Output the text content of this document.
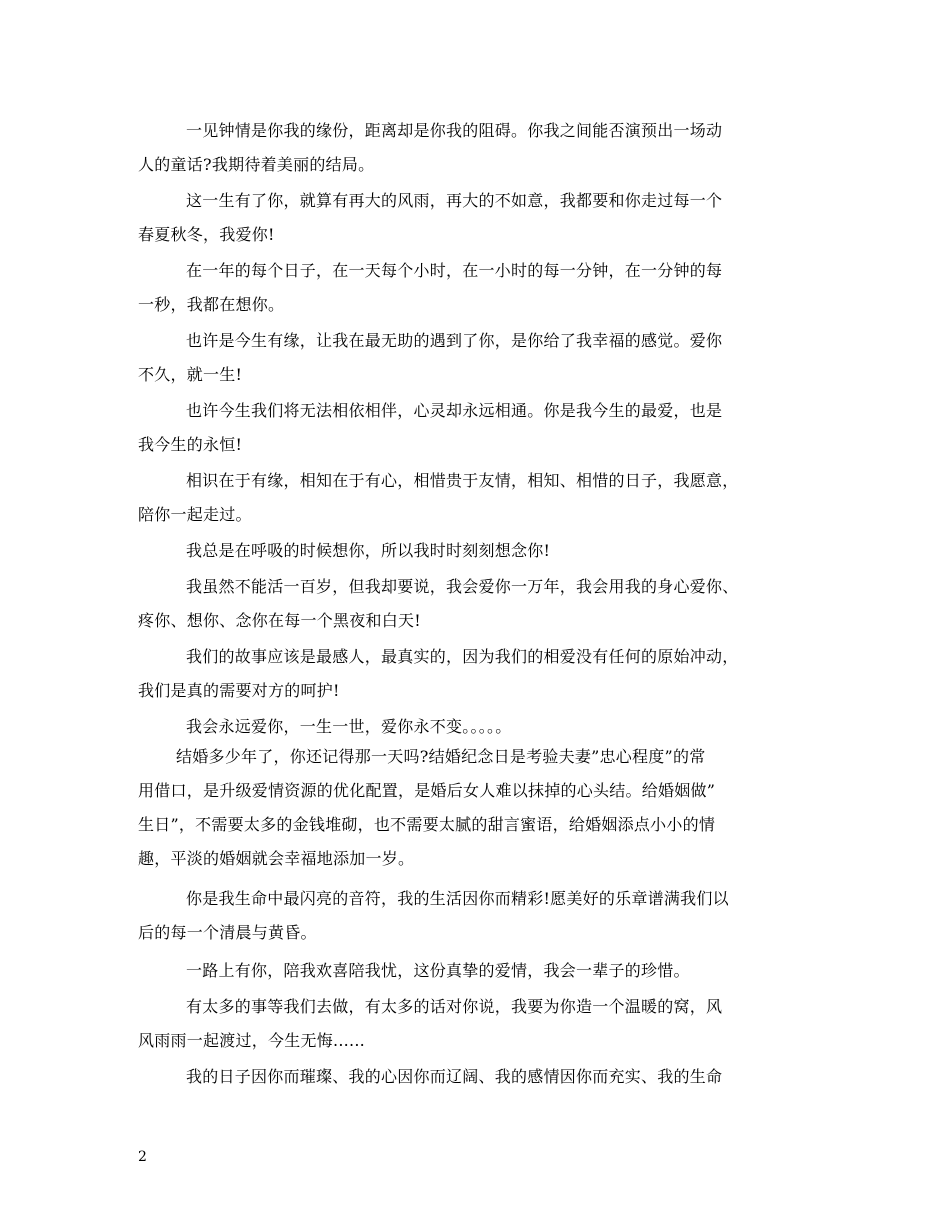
一见钟情是你我的缘份，距离却是你我的阻碍。你我之间能否演预出一场动
人的童话?我期待着美丽的结局。
这一生有了你，就算有再大的风雨，再大的不如意，我都要和你走过每一个
春夏秋冬，我爱你!
在一年的每个日子，在一天每个小时，在一小时的每一分钟，在一分钟的每
一秒，我都在想你。
也许是今生有缘，让我在最无助的遇到了你，是你给了我幸福的感觉。爱你
不久，就一生!
也许今生我们将无法相依相伴，心灵却永远相通。你是我今生的最爱，也是
我今生的永恒!
相识在于有缘，相知在于有心，相惜贵于友情，相知、相惜的日子，我愿意，
陪你一起走过。
我总是在呼吸的时候想你，所以我时时刻刻想念你!
我虽然不能活一百岁，但我却要说，我会爱你一万年，我会用我的身心爱你、
疼你、想你、念你在每一个黑夜和白天!
我们的故事应该是最感人，最真实的，因为我们的相爱没有任何的原始冲动，
我们是真的需要对方的呵护!
我会永远爱你，一生一世，爱你永不变。。。。。
结婚多少年了，你还记得那一天吗?结婚纪念日是考验夫妻”忠心程度”的常
用借口，是升级爱情资源的优化配置，是婚后女人难以抹掉的心头结。给婚姻做”
生日”，不需要太多的金钱堆砌，也不需要太腻的甜言蜜语，给婚姻添点小小的情
趣，平淡的婚姻就会幸福地添加一岁。
你是我生命中最闪亮的音符，我的生活因你而精彩!愿美好的乐章谱满我们以
后的每一个清晨与黄昏。
一路上有你，陪我欢喜陪我忧，这份真挚的爱情，我会一辈子的珍惜。
有太多的事等我们去做，有太多的话对你说，我要为你造一个温暖的窝，风
风雨雨一起渡过，今生无悔......
我的日子因你而璀璨、我的心因你而辽阔、我的感情因你而充实、我的生命
2
